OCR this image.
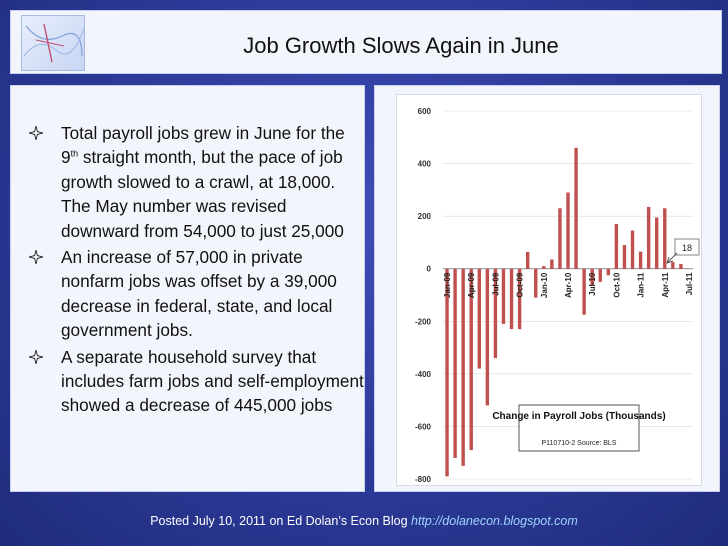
Job Growth Slows Again in June
Total payroll jobs grew in June for the 9th straight month, but the pace of job growth slowed to a crawl, at 18,000. The May number was revised downward from 54,000 to just 25,000
An increase of 57,000 in private nonfarm jobs was offset by a 39,000 decrease in federal, state, and local government jobs.
A separate household survey that includes farm jobs and self-employment showed a decrease of 445,000 jobs
600
400
200
0
-200
-400
-600
-800
Jan-09 Apr-09 Jul-09 Oct-09 Jan-10 Apr-10 Jul-10 Oct-10 Jan-11 Apr-11 Jul-11
Change in Payroll Jobs (Thousands)
P110710-2 Source: BLS
18
Posted July 10, 2011 on Ed Dolan’s Econ Blog http://dolanecon.blogspot.com
